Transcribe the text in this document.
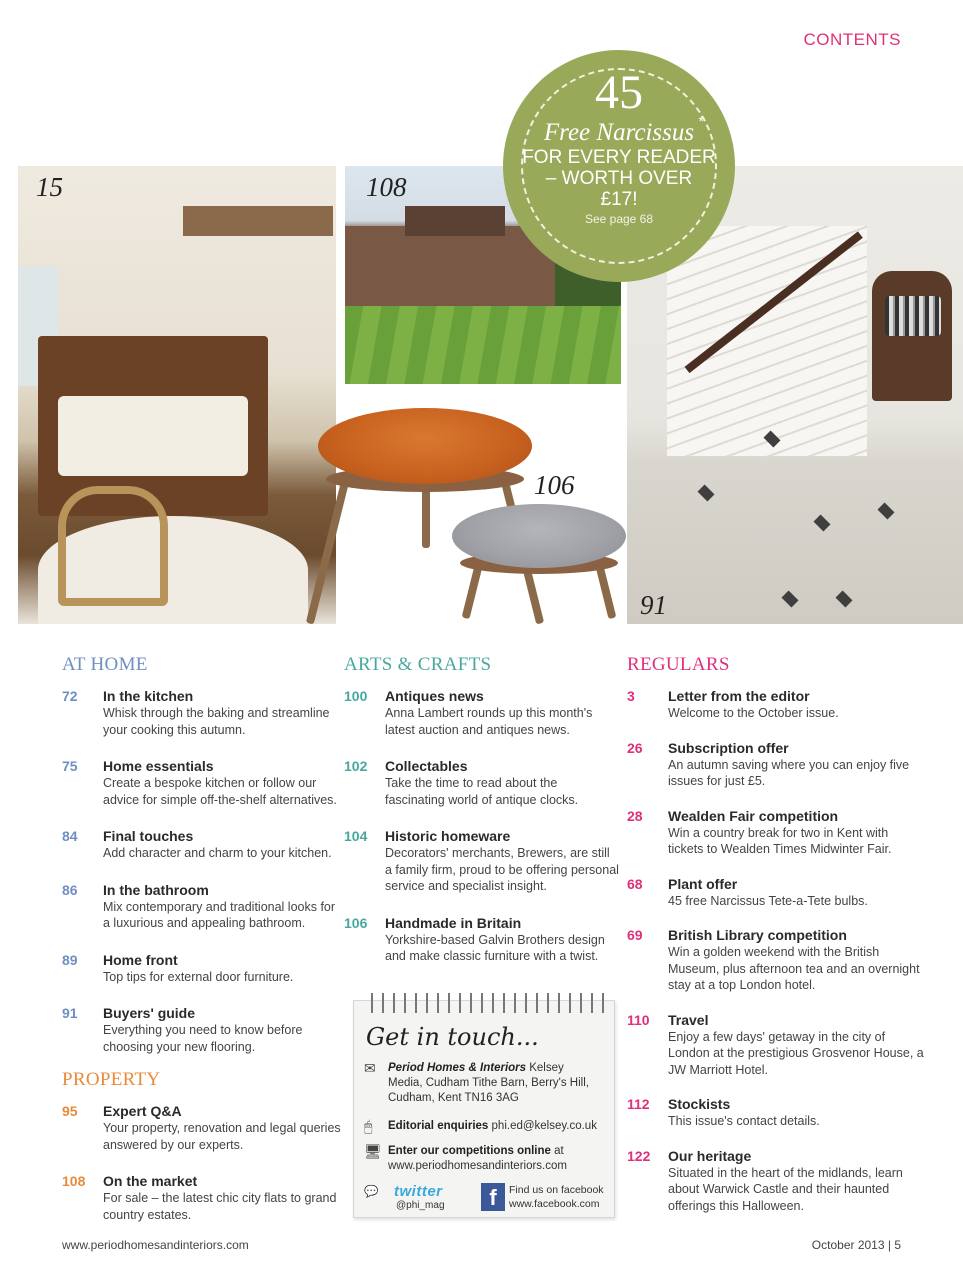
CONTENTS
15	108
91
106
45
Free Narcissus *
FOR EVERY READER
– WORTH OVER
£17!
See page 68
AT HOME
72 In the kitchen
Whisk through the baking and streamline your cooking this autumn.
75 Home essentials
Create a bespoke kitchen or follow our advice for simple off-the-shelf alternatives.
84 Final touches
Add character and charm to your kitchen.
86 In the bathroom
Mix contemporary and traditional looks for a luxurious and appealing bathroom.
89 Home front
Top tips for external door furniture.
91 Buyers' guide
Everything you need to know before choosing your new flooring.
PROPERTY
95 Expert Q&A
Your property, renovation and legal queries answered by our experts.
108 On the market
For sale – the latest chic city flats to grand country estates.
ARTS & CRAFTS
100 Antiques news
Anna Lambert rounds up this month's latest auction and antiques news.
102 Collectables
Take the time to read about the fascinating world of antique clocks.
104 Historic homeware
Decorators' merchants, Brewers, are still a family firm, proud to be offering personal service and specialist insight.
106 Handmade in Britain
Yorkshire-based Galvin Brothers design and make classic furniture with a twist.
REGULARS
3 Letter from the editor
Welcome to the October issue.
26 Subscription offer
An autumn saving where you can enjoy five issues for just £5.
28 Wealden Fair competition
Win a country break for two in Kent with tickets to Wealden Times Midwinter Fair.
68 Plant offer
45 free Narcissus Tete-a-Tete bulbs.
69 British Library competition
Win a golden weekend with the British Museum, plus afternoon tea and an overnight stay at a top London hotel.
110 Travel
Enjoy a few days' getaway in the city of London at the prestigious Grosvenor House, a JW Marriott Hotel.
112 Stockists
This issue's contact details.
122 Our heritage
Situated in the heart of the midlands, learn about Warwick Castle and their haunted offerings this Halloween.
Get in touch...
✉	Period Homes & Interiors Kelsey
Media, Cudham Tithe Barn, Berry's Hill,
Cudham, Kent TN16 3AG
🖱	Editorial enquiries phi.ed@kelsey.co.uk
🖥 Enter our competitions online at
www.periodhomesandinteriors.com
💬 twitter
@phi_mag	f	Find us on facebook
www.facebook.com
www.periodhomesandinteriors.com	October 2013 | 5
